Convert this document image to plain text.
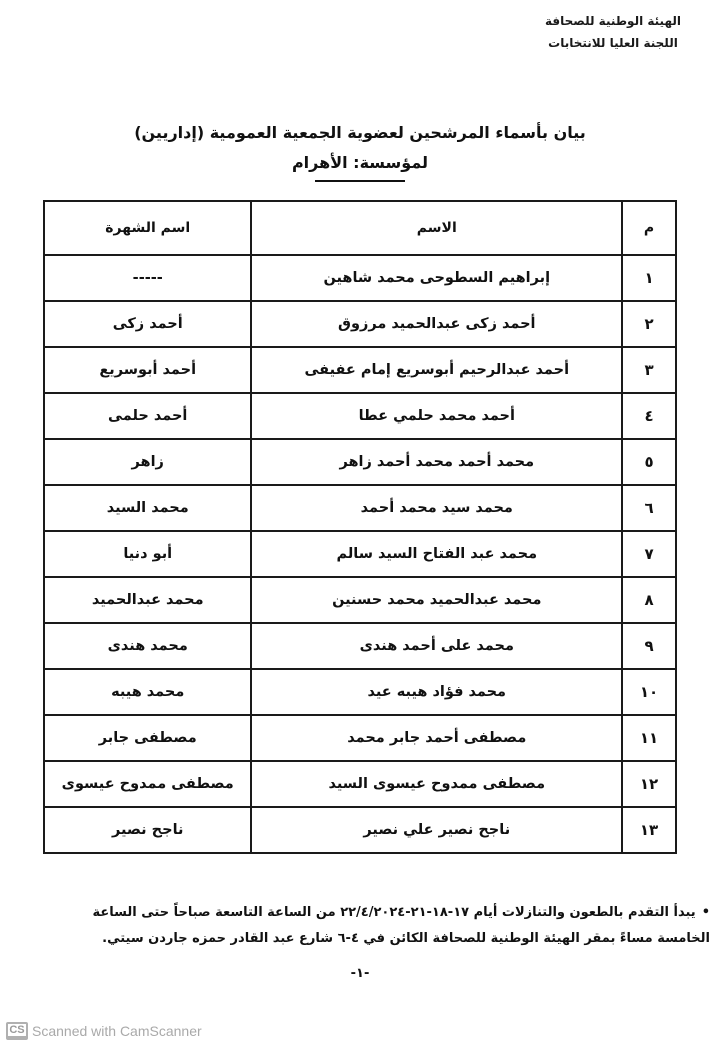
الهيئة الوطنية للصحافة
اللجنة العليا للانتخابات
بيان بأسماء المرشحين لعضوية الجمعية العمومية (إداريين)
لمؤسسة: الأهرام
م	الاسم	اسم الشهرة
١	إبراهيم السطوحى محمد شاهين	-----
٢	أحمد زكى عبدالحميد مرزوق	أحمد زكى
٣	أحمد عبدالرحيم أبوسريع إمام عفيفى	أحمد أبوسريع
٤	أحمد محمد حلمي عطا	أحمد حلمى
٥	محمد أحمد محمد أحمد زاهر	زاهر
٦	محمد سيد محمد أحمد	محمد السيد
٧	محمد عبد الفتاح السيد سالم	أبو دنيا
٨	محمد عبدالحميد محمد حسنين	محمد عبدالحميد
٩	محمد على أحمد هندى	محمد هندى
١٠	محمد فؤاد هيبه عيد	محمد هيبه
١١	مصطفى أحمد جابر محمد	مصطفى جابر
١٢	مصطفى ممدوح عيسوى السيد	مصطفى ممدوح عيسوى
١٣	ناجح نصير علي نصير	ناجح نصير
•يبدأ التقدم بالطعون والتنازلات أيام ١٧-١٨-٢١-٢٢/٤/٢٠٢٤ من الساعة التاسعة صباحاً حتى الساعة الخامسة مساءً بمقر الهيئة الوطنية للصحافة الكائن في ٤-٦ شارع عبد القادر حمزه جاردن سيتي.
-١-
CS Scanned with CamScanner
